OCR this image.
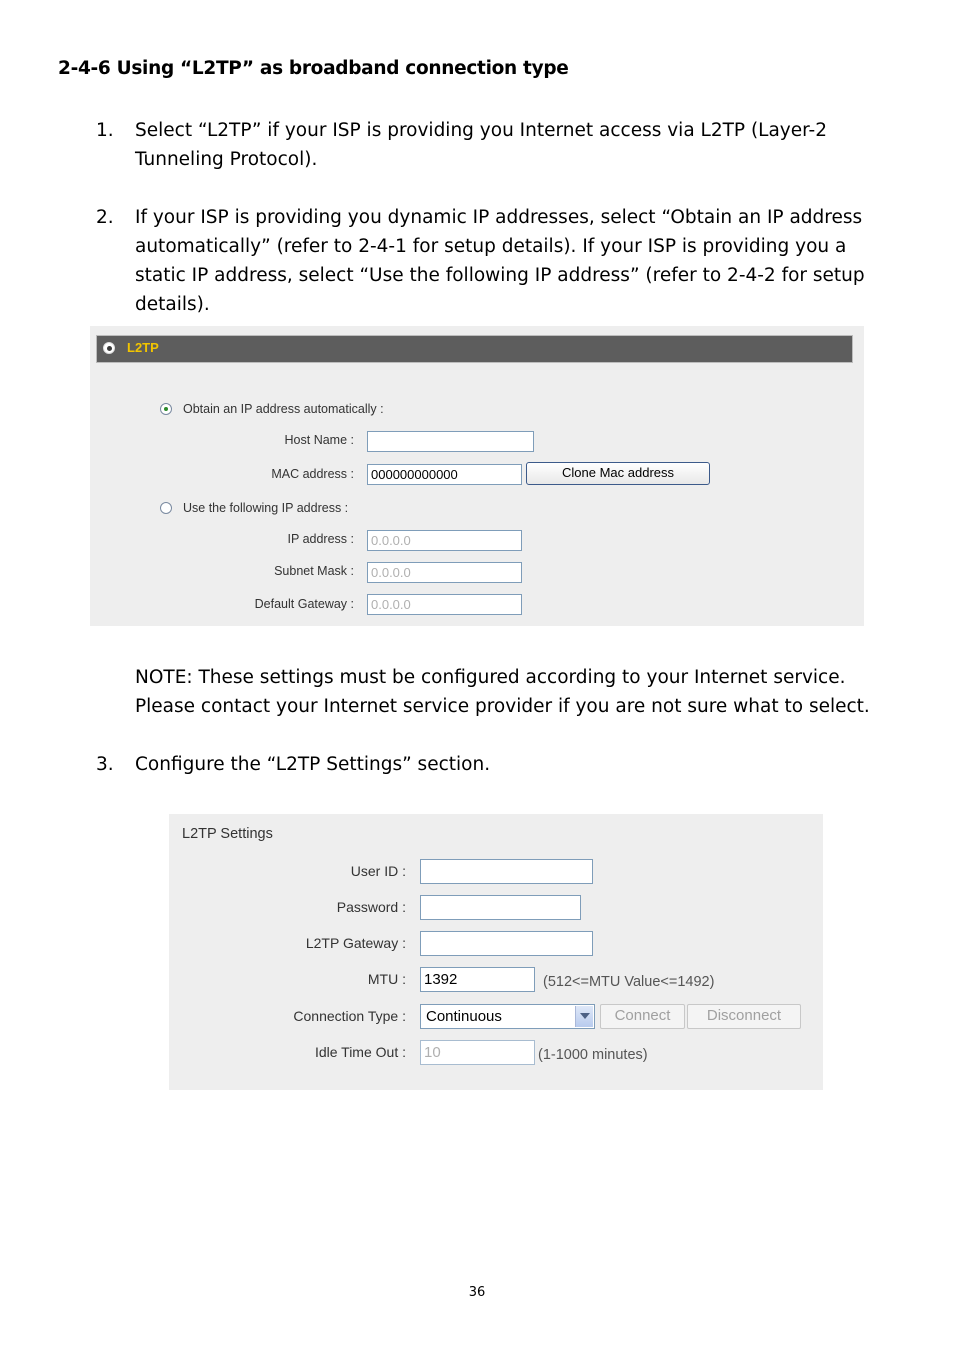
2-4-6 Using “L2TP” as broadband connection type
1. Select “L2TP” if your ISP is providing you Internet access via L2TP (Layer-2 Tunneling Protocol).
2. If your ISP is providing you dynamic IP addresses, select “Obtain an IP address automatically” (refer to 2-4-1 for setup details). If your ISP is providing you a static IP address, select “Use the following IP address” (refer to 2-4-2 for setup details).
NOTE: These settings must be configured according to your Internet service. Please contact your Internet service provider if you are not sure what to select.
3. Configure the “L2TP Settings” section.
L2TP
Obtain an IP address automatically :
Host Name :
MAC address :	000000000000	Clone Mac address
Use the following IP address :
IP address :	0.0.0.0
Subnet Mask :	0.0.0.0
Default Gateway :	0.0.0.0
L2TP Settings
User ID :
Password :
L2TP Gateway :
MTU : 1392	(512<=MTU Value<=1492)
Connection Type :	Continuous	Connect	Disconnect
Idle Time Out : 10	(1-1000 minutes)
36
